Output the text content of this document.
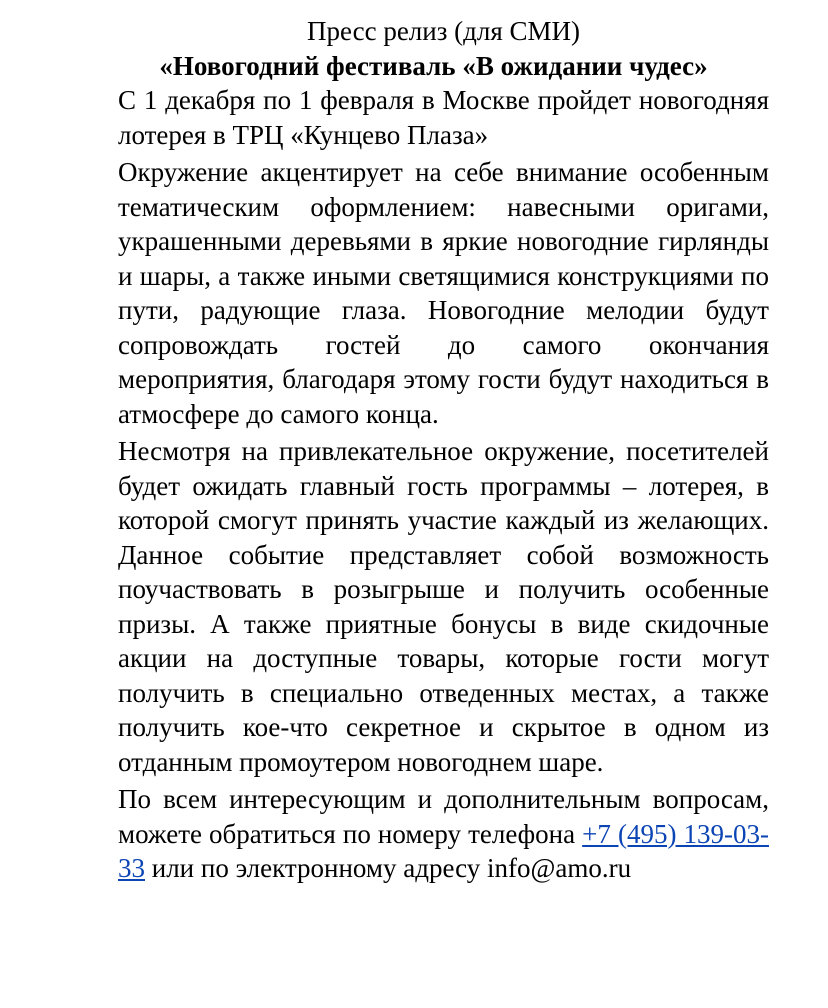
Пресс релиз (для СМИ)

«Новогодний фестиваль «В ожидании чудес»

С 1 декабря по 1 февраля в Москве пройдет новогодняя лотерея в ТРЦ «Кунцево Плаза»

Окружение акцентирует на себе внимание особенным тематическим оформлением: навесными оригами, украшенными деревьями в яркие новогодние гирлянды и шары, а также иными светящимися конструкциями по пути, радующие глаза. Новогодние мелодии будут сопровождать гостей до самого окончания мероприятия, благодаря этому гости будут находиться в атмосфере до самого конца.

Несмотря на привлекательное окружение, посетителей будет ожидать главный гость программы – лотерея, в которой смогут принять участие каждый из желающих. Данное событие представляет собой возможность поучаствовать в розыгрыше и получить особенные призы. А также приятные бонусы в виде скидочные акции на доступные товары, которые гости могут получить в специально отведенных местах, а также получить кое-что секретное и скрытое в одном из отданным промоутером новогоднем шаре.

По всем интересующим и дополнительным вопросам, можете обратиться по номеру телефона +7 (495) 139-03-33 или по электронному адресу info@amo.ru
